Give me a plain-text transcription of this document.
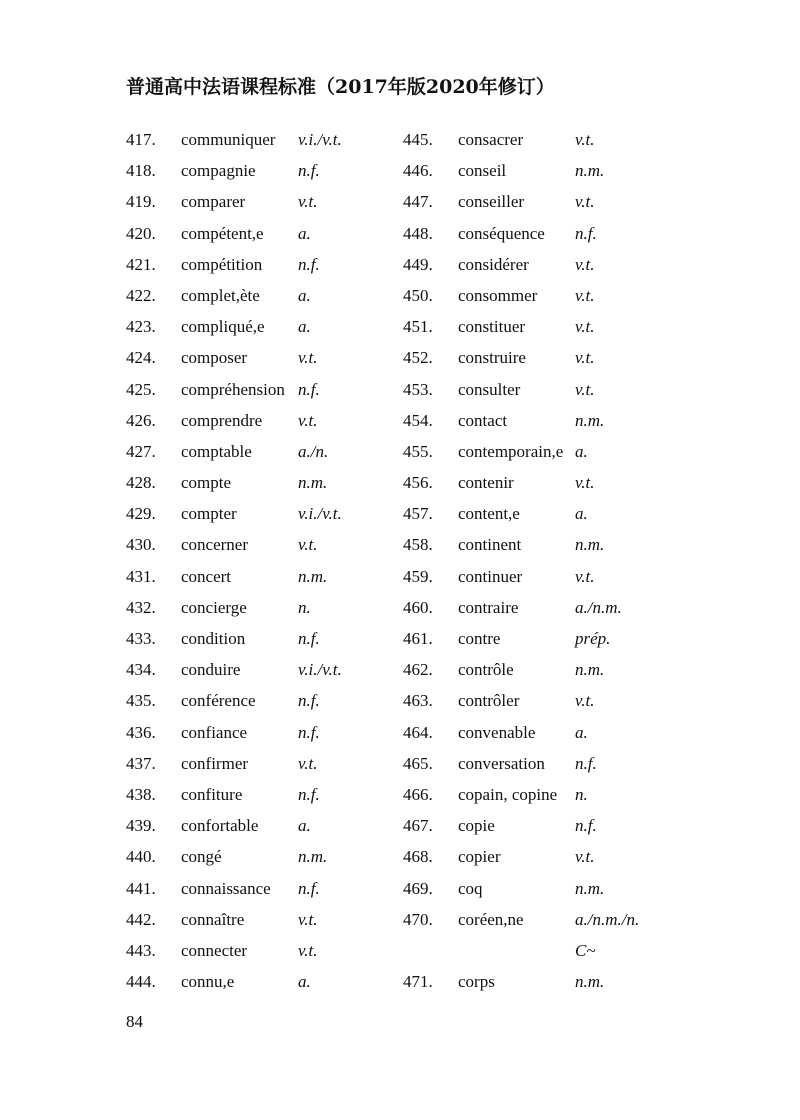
普通高中法语课程标准（2017年版2020年修订）
417. communiquer v.i./v.t.
418. compagnie n.f.
419. comparer	v.t.
420. compétent,e a.
421. compétition n.f.
422. complet,ète a.
423. compliqué,e a.
424. composer	v.t.
425. compréhension n.f.
426. comprendre v.t.
427. comptable	a./n.
428. compte	n.m.
429. compter	v.i./v.t.
430. concerner	v.t.
431. concert	n.m.
432. concierge	n.
433. condition	n.f.
434. conduire	v.i./v.t.
435. conférence n.f.
436. confiance	n.f.
437. confirmer	v.t.
438. confiture	n.f.
439. confortable a.
440. congé	n.m.
441. connaissance n.f.
442. connaître	v.t.
443. connecter	v.t.
444. connu,e	a.
445. consacrer	v.t.
446. conseil	n.m.
447. conseiller	v.t.
448. conséquence n.f.
449. considérer	v.t.
450. consommer v.t.
451. constituer	v.t.
452. construire	v.t.
453. consulter	v.t.
454. contact	n.m.
455. contemporain,e a.
456. contenir	v.t.
457. content,e	a.
458. continent	n.m.
459. continuer	v.t.
460. contraire	a./n.m.
461. contre	prép.
462. contrôle	n.m.
463. contrôler	v.t.
464. convenable a.
465. conversation n.f.
466. copain, copine n.
467. copie	n.f.
468. copier	v.t.
469. coq	n.m.
470. coréen,ne	a./n.m./n.
C~
471. corps	n.m.
84
